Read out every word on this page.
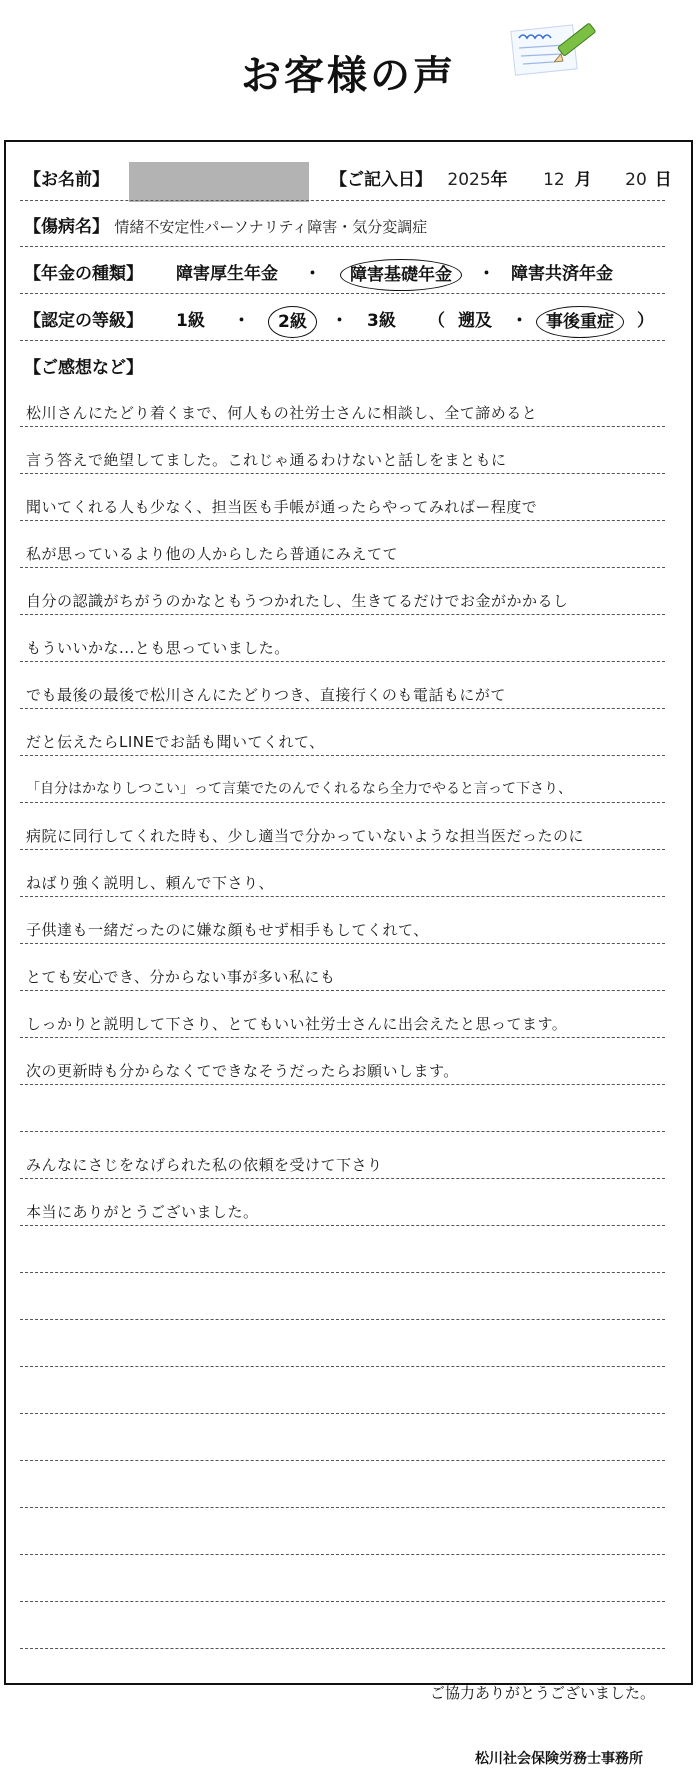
お客様の声
【お名前】	【ご記入日】 2025年 12 月 20 日
【傷病名】 情緒不安定性パーソナリティ障害・気分変調症
【年金の種類】 障害厚生年金 ・	障害基礎年金	・ 障害共済年金
【認定の等級】 1級 ・	2級	・ 3級 （ 遡及 ・	事後重症	）
【ご感想など】
松川さんにたどり着くまで、何人もの社労士さんに相談し、全て諦めると
言う答えで絶望してました。これじゃ通るわけないと話しをまともに
聞いてくれる人も少なく、担当医も手帳が通ったらやってみればー程度で
私が思っているより他の人からしたら普通にみえてて
自分の認識がちがうのかなともうつかれたし、生きてるだけでお金がかかるし
もういいかな...とも思っていました。
でも最後の最後で松川さんにたどりつき、直接行くのも電話もにがて
だと伝えたらLINEでお話も聞いてくれて、
「自分はかなりしつこい」って言葉でたのんでくれるなら全力でやると言って下さり、
病院に同行してくれた時も、少し適当で分かっていないような担当医だったのに
ねばり強く説明し、頼んで下さり、
子供達も一緒だったのに嫌な顔もせず相手もしてくれて、
とても安心でき、分からない事が多い私にも
しっかりと説明して下さり、とてもいい社労士さんに出会えたと思ってます。
次の更新時も分からなくてできなそうだったらお願いします。
みんなにさじをなげられた私の依頼を受けて下さり
本当にありがとうございました。
ご協力ありがとうございました。
松川社会保険労務士事務所
